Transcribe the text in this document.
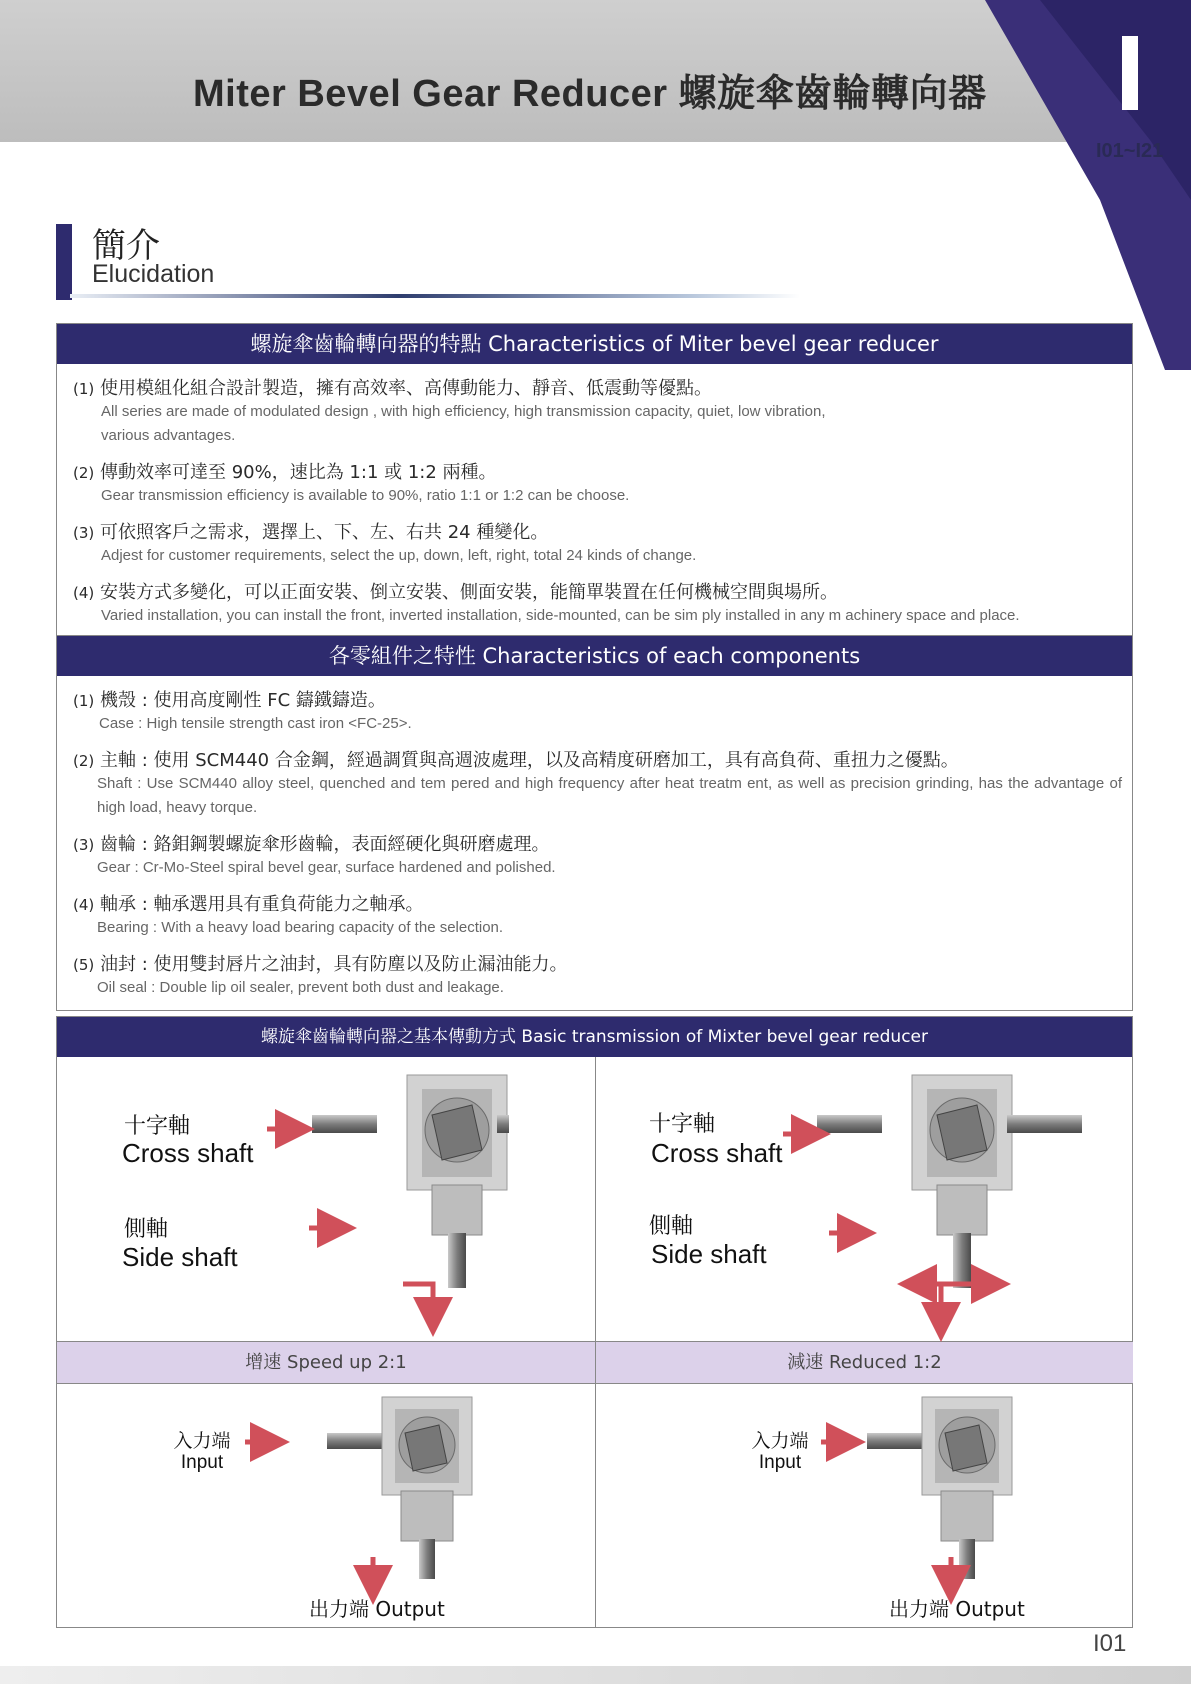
Miter Bevel Gear Reducer 螺旋傘齒輪轉向器
I01~I21
簡介
Elucidation
螺旋傘齒輪轉向器的特點 Characteristics of Miter bevel gear reducer
(1) 使用模組化組合設計製造，擁有高效率、高傳動能力、靜音、低震動等優點。
All series are made of modulated design , with high efficiency, high transmission capacity, quiet, low vibration, various advantages.
(2) 傳動效率可達至 90%，速比為 1:1 或 1:2 兩種。
Gear transmission efficiency is available to 90%, ratio 1:1 or 1:2 can be choose.
(3) 可依照客戶之需求，選擇上、下、左、右共 24 種變化。
Adjest for customer requirements, select the up, down, left, right, total 24 kinds of change.
(4) 安裝方式多變化，可以正面安裝、倒立安裝、側面安裝，能簡單裝置在任何機械空間與場所。
Varied installation, you can install the front, inverted installation, side-mounted, can be sim ply installed in any m achinery space and place.
各零組件之特性 Characteristics of each components
(1) 機殼 : 使用高度剛性 FC 鑄鐵鑄造。
Case : High tensile strength cast iron <FC-25>.
(2) 主軸 : 使用 SCM440 合金鋼，經過調質與高週波處理，以及高精度研磨加工，具有高負荷、重扭力之優點。
Shaft : Use SCM440 alloy steel, quenched and tem pered and high frequency after heat treatm ent, as well as precision grinding, has the advantage of high load, heavy torque.
(3) 齒輪 : 鉻鉬鋼製螺旋傘形齒輪，表面經硬化與研磨處理。
Gear : Cr-Mo-Steel spiral bevel gear, surface hardened and polished.
(4) 軸承 : 軸承選用具有重負荷能力之軸承。
Bearing : With a heavy load bearing capacity of the selection.
(5) 油封 : 使用雙封唇片之油封，具有防塵以及防止漏油能力。
Oil seal : Double lip oil sealer, prevent both dust and leakage.
螺旋傘齒輪轉向器之基本傳動方式 Basic transmission of Mixter bevel gear reducer
增速 Speed up 2:1	減速 Reduced 1:2
十字軸
Cross shaft
側軸
Side shaft
十字軸
Cross shaft
側軸
Side shaft
入力端
Input
入力端
Input
出力端 Output	出力端 Output
I01
